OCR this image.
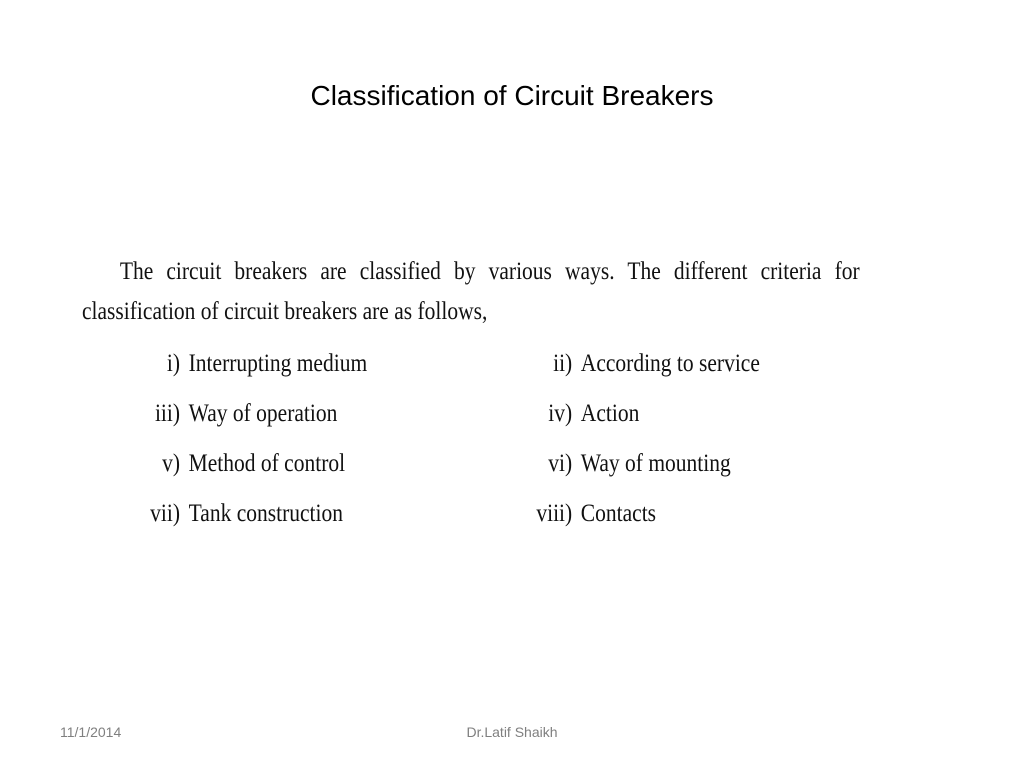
Classification of Circuit Breakers
The circuit breakers are classified by various ways. The different criteria for
classification of circuit breakers are as follows,
i) Interrupting medium	ii) According to service
iii) Way of operation	iv) Action
v) Method of control	vi) Way of mounting
vii) Tank construction	viii) Contacts
11/1/2014	Dr.Latif Shaikh
